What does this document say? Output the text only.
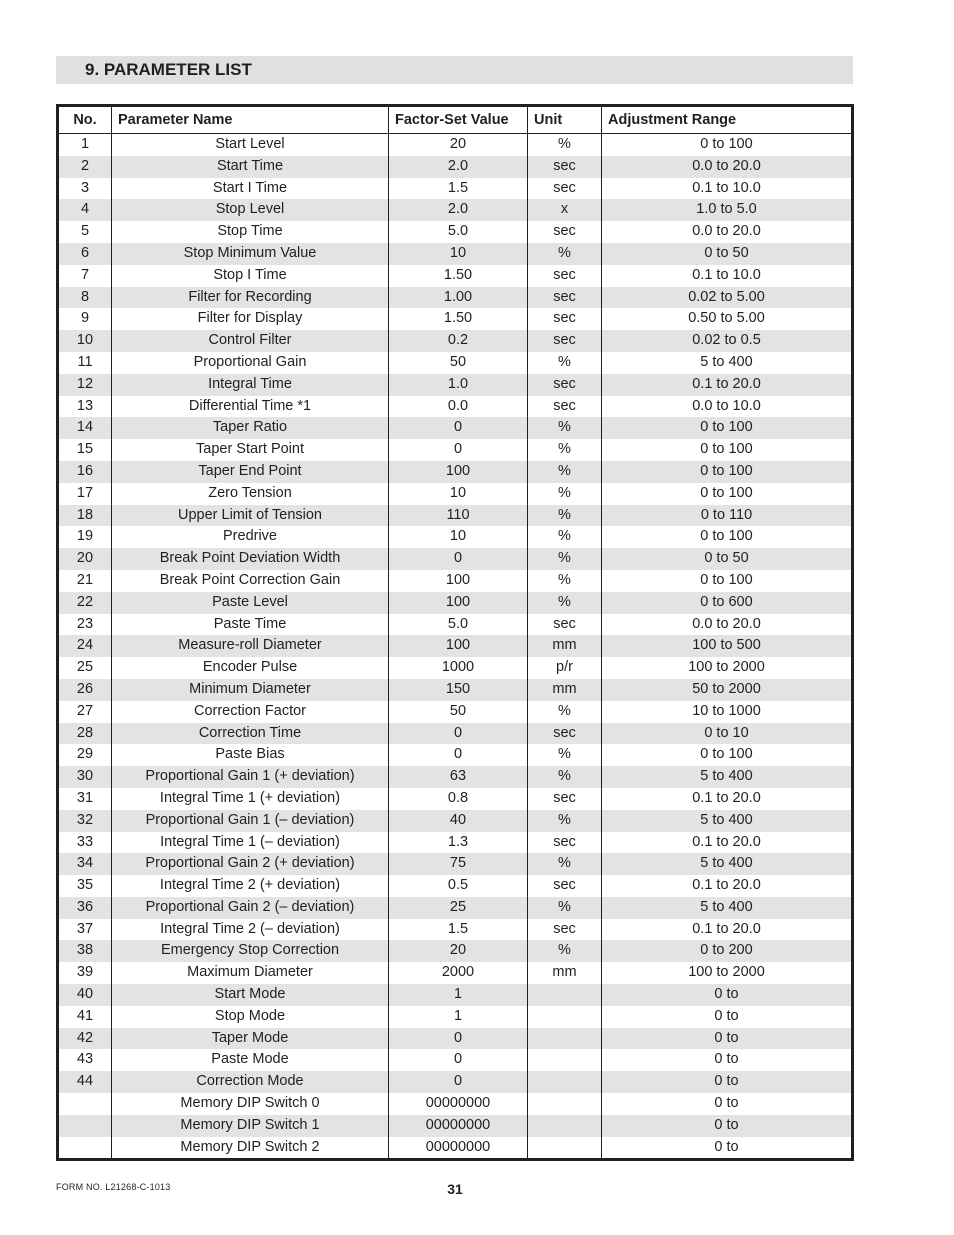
9. PARAMETER LIST
No.	Parameter Name	Factor-Set Value	Unit	Adjustment Range
1	Start Level	20	%	0 to 100
2	Start Time	2.0	sec	0.0 to 20.0
3	Start I Time	1.5	sec	0.1 to 10.0
4	Stop Level	2.0	x	1.0 to 5.0
5	Stop Time	5.0	sec	0.0 to 20.0
6	Stop Minimum Value	10	%	0 to 50
7	Stop I Time	1.50	sec	0.1 to 10.0
8	Filter for Recording	1.00	sec	0.02 to 5.00
9	Filter for Display	1.50	sec	0.50 to 5.00
10	Control Filter	0.2	sec	0.02 to 0.5
11	Proportional Gain	50	%	5 to 400
12	Integral Time	1.0	sec	0.1 to 20.0
13	Differential Time *1	0.0	sec	0.0 to 10.0
14	Taper Ratio	0	%	0 to 100
15	Taper Start Point	0	%	0 to 100
16	Taper End Point	100	%	0 to 100
17	Zero Tension	10	%	0 to 100
18	Upper Limit of Tension	110	%	0 to 110
19	Predrive	10	%	0 to 100
20	Break Point Deviation Width	0	%	0 to 50
21	Break Point Correction Gain	100	%	0 to 100
22	Paste Level	100	%	0 to 600
23	Paste Time	5.0	sec	0.0 to 20.0
24	Measure-roll Diameter	100	mm	100 to 500
25	Encoder Pulse	1000	p/r	100 to 2000
26	Minimum Diameter	150	mm	50 to 2000
27	Correction Factor	50	%	10 to 1000
28	Correction Time	0	sec	0 to 10
29	Paste Bias	0	%	0 to 100
30	Proportional Gain 1 (+ deviation)	63	%	5 to 400
31	Integral Time 1 (+ deviation)	0.8	sec	0.1 to 20.0
32	Proportional Gain 1 (– deviation)	40	%	5 to 400
33	Integral Time 1 (– deviation)	1.3	sec	0.1 to 20.0
34	Proportional Gain 2 (+ deviation)	75	%	5 to 400
35	Integral Time 2 (+ deviation)	0.5	sec	0.1 to 20.0
36	Proportional Gain 2 (– deviation)	25	%	5 to 400
37	Integral Time 2 (– deviation)	1.5	sec	0.1 to 20.0
38	Emergency Stop Correction	20	%	0 to 200
39	Maximum Diameter	2000	mm	100 to 2000
40	Start Mode	1		0 to
41	Stop Mode	1		0 to
42	Taper Mode	0		0 to
43	Paste Mode	0		0 to
44	Correction Mode	0		0 to
	Memory DIP Switch 0	00000000		0 to
	Memory DIP Switch 1	00000000		0 to
	Memory DIP Switch 2	00000000		0 to
FORM NO. L21268-C-1013	31
